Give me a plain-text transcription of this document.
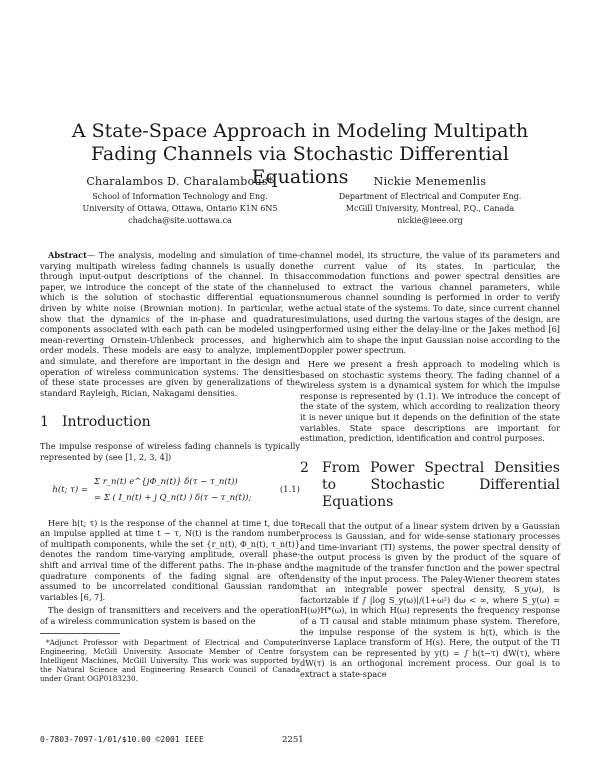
A State-Space Approach in Modeling Multipath
Fading Channels via Stochastic Differential Equations
Charalambos D. Charalambous*
School of Information Technology and Eng.
University of Ottawa, Ottawa, Ontario K1N 6N5
chadcha@site.uottawa.ca
Nickie Menemenlis
Department of Electrical and Computer Eng.
McGill University, Montreal, P.Q., Canada
nickie@ieee.org

Abstract— The analysis, modeling and simulation of time-varying multipath wireless fading channels is usually done through input-output descriptions of the channel. In this paper, we introduce the concept of the state of the channel which is the solution of stochastic differential equations driven by white noise (Brownian motion). In particular, we show that the dynamics of the in-phase and quadrature components associated with each path can be modeled using mean-reverting Ornstein-Uhlenbeck processes, and higher order models. These models are easy to analyze, implement and simulate, and therefore are important in the design and operation of wireless communication systems. The densities of these state processes are given by generalizations of the standard Rayleigh, Rician, Nakagami densities.

1 Introduction

The impulse response of wireless fading channels is typically represented by (see [1, 2, 3, 4])

h(t; τ) =
Σ r_n(t) e^{jΦ_n(t)} δ(τ − τ_n(t))
= Σ ( I_n(t) + j Q_n(t) ) δ(τ − τ_n(t));
(1.1)

Here h(t; τ) is the response of the channel at time t, due to an impulse applied at time t − τ, N(t) is the random number of multipath components, while the set {r_n(t), Φ_n(t), τ_n(t)} denotes the random time-varying amplitude, overall phase-shift and arrival time of the different paths. The in-phase and quadrature components of the fading signal are often assumed to be uncorrelated conditional Gaussian random variables [6, 7].

The design of transmitters and receivers and the operation of a wireless communication system is based on the

*Adjunct Professor with Department of Electrical and Computer Engineering, McGill University. Associate Member of Centre for Intelligent Machines, McGill University. This work was supported by the Natural Science and Engineering Research Council of Canada under Grant OGP0183230.

channel model, its structure, the value of its parameters and the current value of its states. In particular, the accommodation functions and power spectral densities are used to extract the various channel parameters, while numerous channel sounding is performed in order to verify the actual state of the systems. To date, since current channel simulations, used during the various stages of the design, are performed using either the delay-line or the Jakes method [6] which aim to shape the input Gaussian noise according to the Doppler power spectrum.

Here we present a fresh approach to modeling which is based on stochastic systems theory. The fading channel of a wireless system is a dynamical system for which the impulse response is represented by (1.1). We introduce the concept of the state of the system, which according to realization theory it is never unique but it depends on the definition of the state variables. State space descriptions are important for estimation, prediction, identification and control purposes.

2 From Power Spectral Densities to Stochastic Differential Equations

Recall that the output of a linear system driven by a Gaussian process is Gaussian, and for wide-sense stationary processes and time-invariant (TI) systems, the power spectral density of the output process is given by the product of the square of the magnitude of the transfer function and the power spectral density of the input process. The Paley-Wiener theorem states that an integrable power spectral density, S_y(ω), is factorizable if ∫ |log S_y(ω)|/(1+ω²) dω < ∞, where S_y(ω) = H(ω)H*(ω), in which H(ω) represents the frequency response of a TI causal and stable minimum phase system. Therefore, the impulse response of the system is h(t), which is the inverse Laplace transform of H(s). Here, the output of the TI system can be represented by y(t) = ∫ h(t−τ) dW(τ), where dW(τ) is an orthogonal increment process. Our goal is to extract a state-space

0-7803-7097-1/01/$10.00 ©2001 IEEE	2251
